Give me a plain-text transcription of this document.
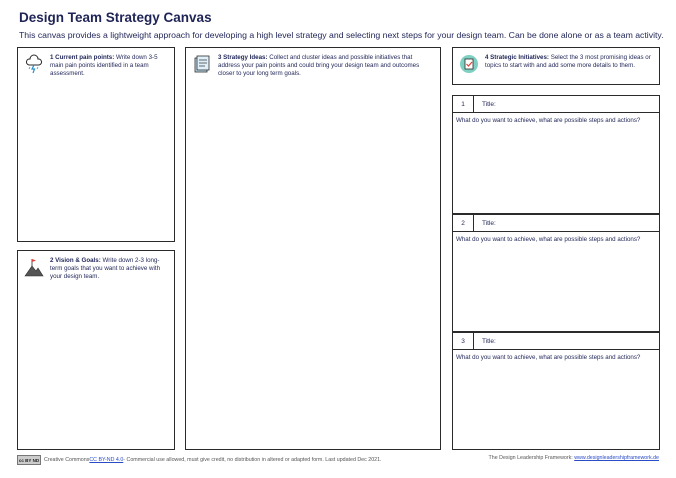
Design Team Strategy Canvas
This canvas provides a lightweight approach for developing a high level strategy and selecting next steps for your design team. Can be done alone or as a team activity.
1 Current pain points: Write down 3-5 main pain points identified in a team assessment.
2 Vision & Goals: Write down 2-3 long-term goals that you want to achieve with your design team.
3 Strategy Ideas: Collect and cluster ideas and possible initiatives that address your pain points and could bring your design team and outcomes closer to your long term goals.
4 Strategic Initiatives: Select the 3 most promising ideas or topics to start with and add some more details to them.
1	Title:
What do you want to achieve, what are possible steps and actions?
2	Title:
What do you want to achieve, what are possible steps and actions?
3	Title:
What do you want to achieve, what are possible steps and actions?
cc BY ND Creative Commons CC BY-ND 4.0 - Commercial use allowed, must give credit, no distribution in altered or adapted form. Last updated Dec 2021.	The Design Leadership Framework: www.designleadershipframework.de
